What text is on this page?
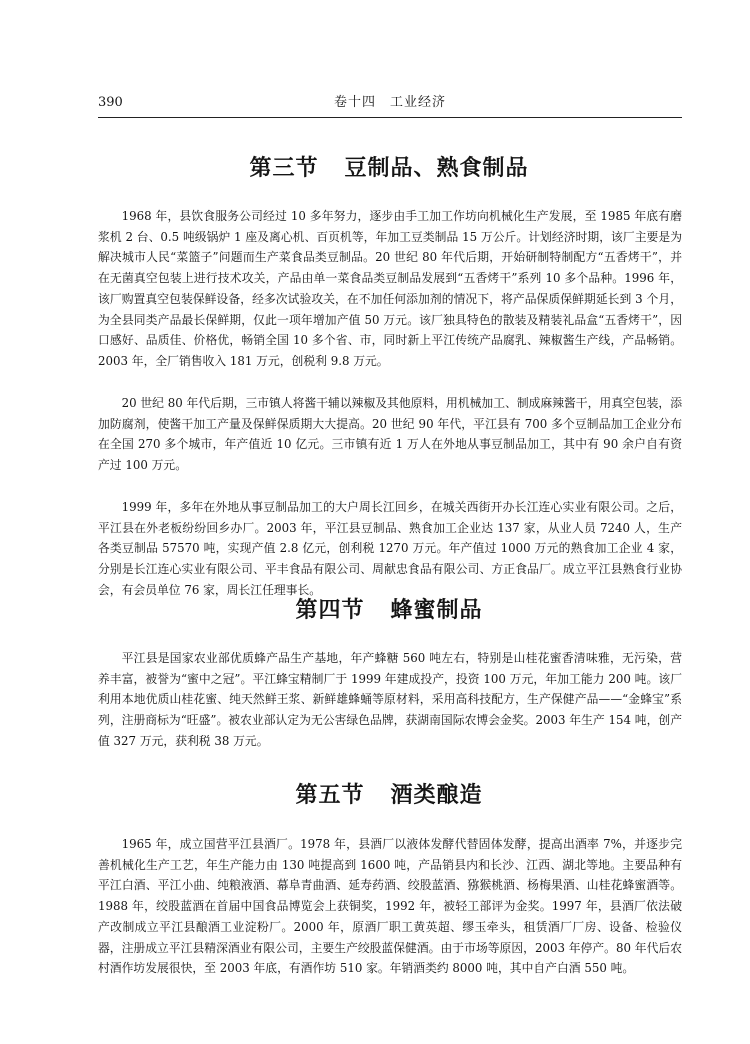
390	卷十四　工业经济
第三节 豆制品、熟食制品

1968 年，县饮食服务公司经过 10 多年努力，逐步由手工加工作坊向机械化生产发展，至 1985 年底有磨浆机 2 台、0.5 吨级锅炉 1 座及离心机、百页机等，年加工豆类制品 15 万公斤。计划经济时期，该厂主要是为解决城市人民“菜篮子”问题而生产菜食品类豆制品。20 世纪 80 年代后期，开始研制特制配方“五香烤干”，并在无菌真空包装上进行技术攻关，产品由单一菜食品类豆制品发展到“五香烤干”系列 10 多个品种。1996 年，该厂购置真空包装保鲜设备，经多次试验攻关，在不加任何添加剂的情况下，将产品保质保鲜期延长到 3 个月，为全县同类产品最长保鲜期，仅此一项年增加产值 50 万元。该厂独具特色的散装及精装礼品盒“五香烤干”，因口感好、品质佳、价格优，畅销全国 10 多个省、市，同时新上平江传统产品腐乳、辣椒酱生产线，产品畅销。2003 年，全厂销售收入 181 万元，创税利 9.8 万元。

20 世纪 80 年代后期，三市镇人将酱干辅以辣椒及其他原料，用机械加工、制成麻辣酱干，用真空包装，添加防腐剂，使酱干加工产量及保鲜保质期大大提高。20 世纪 90 年代，平江县有 700 多个豆制品加工企业分布在全国 270 多个城市，年产值近 10 亿元。三市镇有近 1 万人在外地从事豆制品加工，其中有 90 余户自有资产过 100 万元。

1999 年，多年在外地从事豆制品加工的大户周长江回乡，在城关西街开办长江连心实业有限公司。之后，平江县在外老板纷纷回乡办厂。2003 年，平江县豆制品、熟食加工企业达 137 家，从业人员 7240 人，生产各类豆制品 57570 吨，实现产值 2.8 亿元，创利税 1270 万元。年产值过 1000 万元的熟食加工企业 4 家，分别是长江连心实业有限公司、平丰食品有限公司、周献忠食品有限公司、方正食品厂。成立平江县熟食行业协会，有会员单位 76 家，周长江任理事长。

第四节 蜂蜜制品

平江县是国家农业部优质蜂产品生产基地，年产蜂糖 560 吨左右，特别是山桂花蜜香清味雅，无污染，营养丰富，被誉为“蜜中之冠”。平江蜂宝精制厂于 1999 年建成投产，投资 100 万元，年加工能力 200 吨。该厂利用本地优质山桂花蜜、纯天然鲜王浆、新鲜雄蜂蛹等原材料，采用高科技配方，生产保健产品——“金蜂宝”系列，注册商标为“旺盛”。被农业部认定为无公害绿色品牌，获湖南国际农博会金奖。2003 年生产 154 吨，创产值 327 万元，获利税 38 万元。

第五节 酒类酿造

1965 年，成立国营平江县酒厂。1978 年，县酒厂以液体发酵代替固体发酵，提高出酒率 7%，并逐步完善机械化生产工艺，年生产能力由 130 吨提高到 1600 吨，产品销县内和长沙、江西、湖北等地。主要品种有平江白酒、平江小曲、纯粮液酒、幕阜青曲酒、延寿药酒、绞股蓝酒、猕猴桃酒、杨梅果酒、山桂花蜂蜜酒等。1988 年，绞股蓝酒在首届中国食品博览会上获铜奖，1992 年，被轻工部评为金奖。1997 年，县酒厂依法破产改制成立平江县酿酒工业淀粉厂。2000 年，原酒厂职工黄英超、缪玉牵头，租赁酒厂厂房、设备、检验仪器，注册成立平江县精深酒业有限公司，主要生产绞股蓝保健酒。由于市场等原因，2003 年停产。80 年代后农村酒作坊发展很快，至 2003 年底，有酒作坊 510 家。年销酒类约 8000 吨，其中自产白酒 550 吨。
